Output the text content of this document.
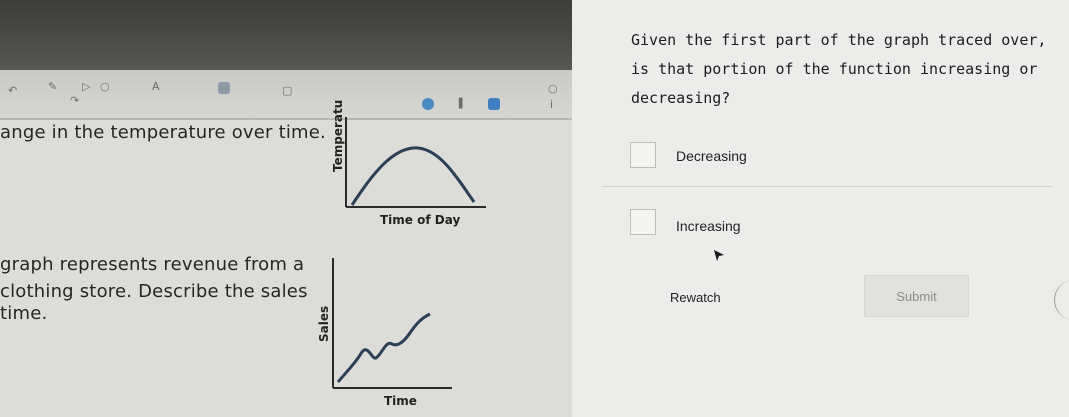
↶	✎ ▷ ○
↷
A	▢
❚
○
i
ange in the temperature over time.
graph represents revenue from a
clothing store. Describe the sales
time.
Temperatu
Time of Day
Sales
Time
Given the first part of the graph traced over, is that portion of the function increasing or decreasing?
Decreasing
Increasing
Rewatch	Submit
